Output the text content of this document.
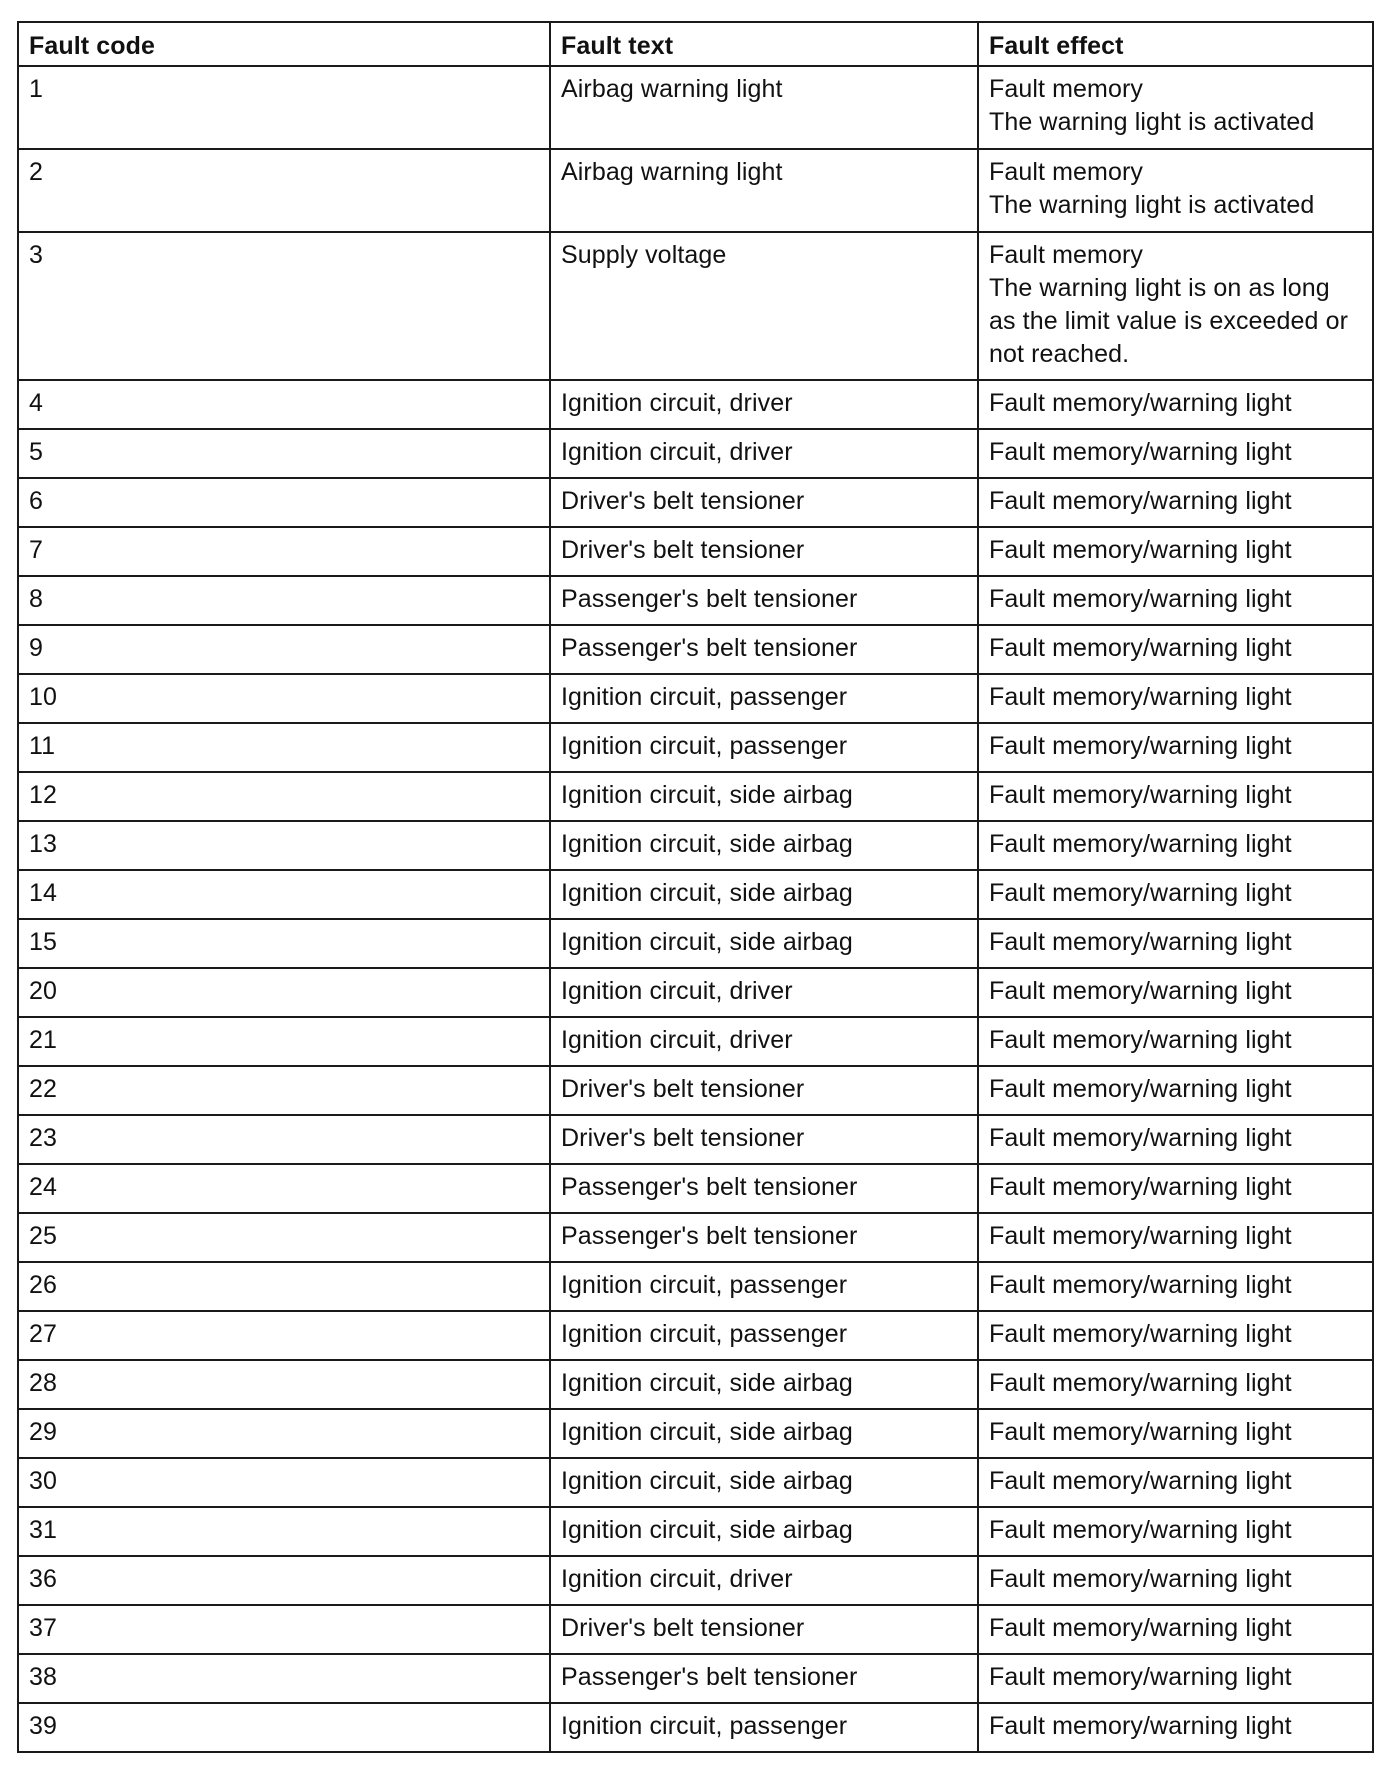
Fault code	Fault text	Fault effect
1	Airbag warning light	Fault memory
The warning light is activated

2	Airbag warning light	Fault memory
The warning light is activated

3	Supply voltage	Fault memory
The warning light is on as long
as the limit value is exceeded or
not reached.

4	Ignition circuit, driver	Fault memory/warning light

5	Ignition circuit, driver	Fault memory/warning light

6	Driver's belt tensioner	Fault memory/warning light

7	Driver's belt tensioner	Fault memory/warning light

8	Passenger's belt tensioner	Fault memory/warning light

9	Passenger's belt tensioner	Fault memory/warning light

10	Ignition circuit, passenger	Fault memory/warning light

11	Ignition circuit, passenger	Fault memory/warning light

12	Ignition circuit, side airbag	Fault memory/warning light

13	Ignition circuit, side airbag	Fault memory/warning light

14	Ignition circuit, side airbag	Fault memory/warning light

15	Ignition circuit, side airbag	Fault memory/warning light

20	Ignition circuit, driver	Fault memory/warning light

21	Ignition circuit, driver	Fault memory/warning light

22	Driver's belt tensioner	Fault memory/warning light

23	Driver's belt tensioner	Fault memory/warning light

24	Passenger's belt tensioner	Fault memory/warning light

25	Passenger's belt tensioner	Fault memory/warning light

26	Ignition circuit, passenger	Fault memory/warning light

27	Ignition circuit, passenger	Fault memory/warning light

28	Ignition circuit, side airbag	Fault memory/warning light

29	Ignition circuit, side airbag	Fault memory/warning light

30	Ignition circuit, side airbag	Fault memory/warning light

31	Ignition circuit, side airbag	Fault memory/warning light

36	Ignition circuit, driver	Fault memory/warning light

37	Driver's belt tensioner	Fault memory/warning light

38	Passenger's belt tensioner	Fault memory/warning light

39	Ignition circuit, passenger	Fault memory/warning light
